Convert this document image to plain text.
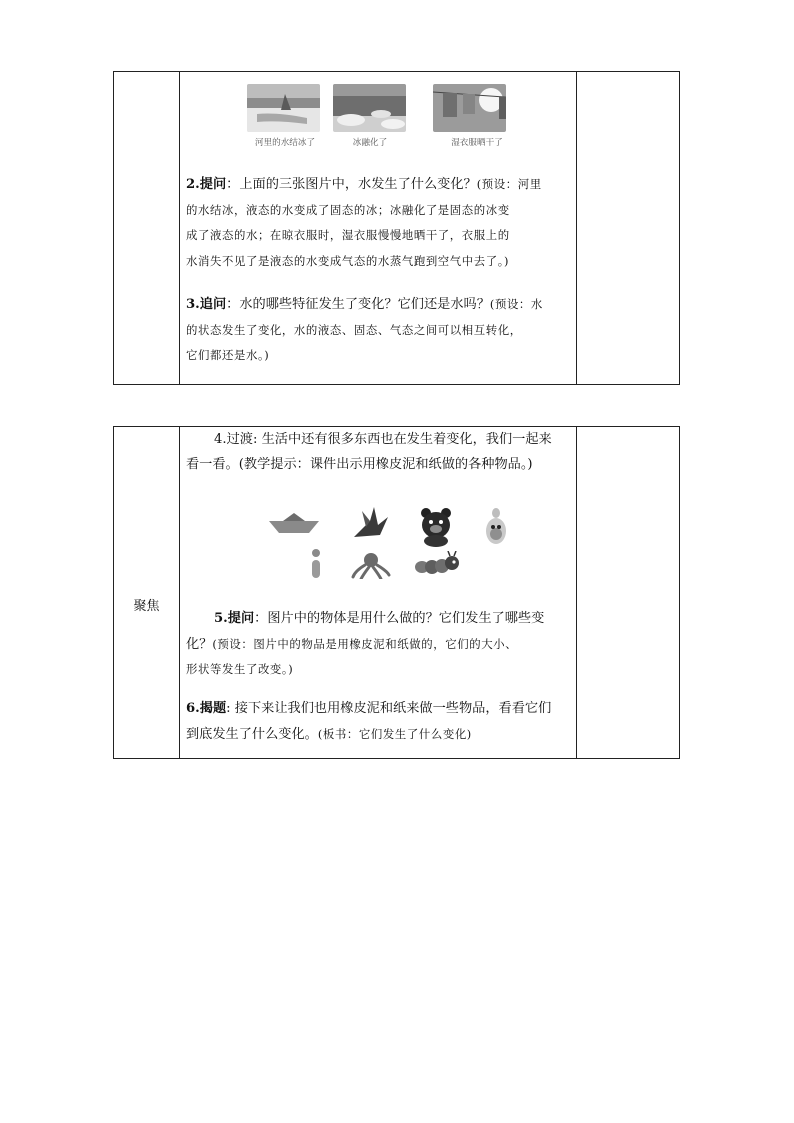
河里的水结冰了	冰融化了	湿衣服晒干了
2.提问：上面的三张图片中，水发生了什么变化？(预设：河里
的水结冰，液态的水变成了固态的冰；冰融化了是固态的冰变
成了液态的水；在晾衣服时，湿衣服慢慢地晒干了，衣服上的
水消失不见了是液态的水变成气态的水蒸气跑到空气中去了。)
3.追问：水的哪些特征发生了变化？它们还是水吗？(预设：水
的状态发生了变化，水的液态、固态、气态之间可以相互转化，
它们都还是水。)
聚焦
4.过渡: 生活中还有很多东西也在发生着变化，我们一起来
看一看。(教学提示：课件出示用橡皮泥和纸做的各种物品。)
5.提问：图片中的物体是用什么做的？它们发生了哪些变
化？(预设：图片中的物品是用橡皮泥和纸做的，它们的大小、
形状等发生了改变。)
6.揭题: 接下来让我们也用橡皮泥和纸来做一些物品，看看它们
到底发生了什么变化。(板书：它们发生了什么变化)
